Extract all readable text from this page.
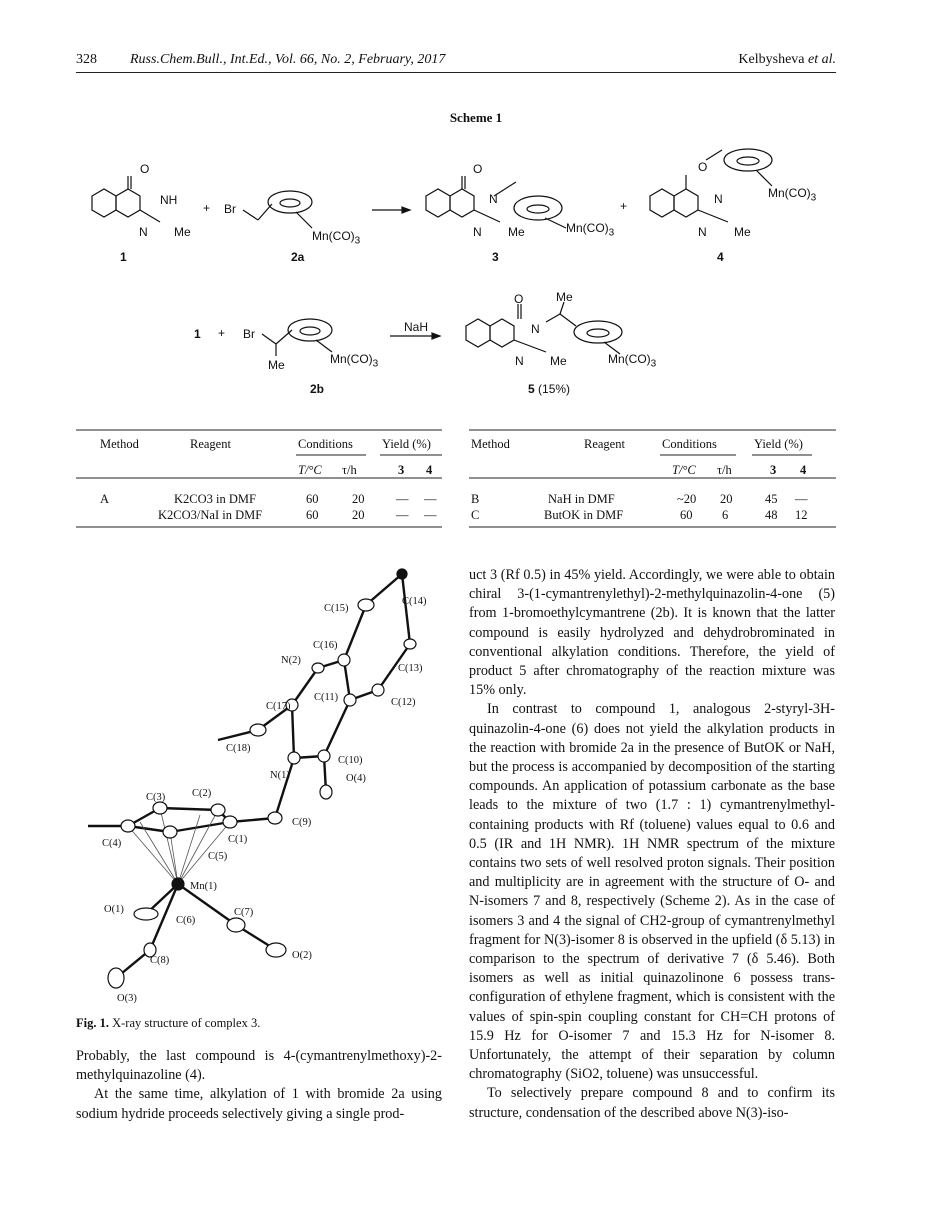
328 Russ.Chem.Bull., Int.Ed., Vol. 66, No. 2, February, 2017	Kelbysheva et al.
Scheme 1
O
NH
N Me
+ Br
$Mn(CO)_3$
O
N
N Me	$Mn(CO)_3$
+
O
N
N Me
$Mn(CO)_3$
1	2a	3	4
1 + Br
Me	$Mn(CO)_3$
NaH
2b
O	Me
N
N Me	$Mn(CO)_3$
5 (15%)
Method	Reagent	Conditions Yield (%)
T/°C τ/h	3 4
A	K2CO3 in DMF	60	20	— —
K2CO3/NaI in DMF	60	20	— —
Method	Reagent	Conditions	Yield (%)
T/°C τ/h	3 4
B	NaH in DMF	~20 20	45 —
C	ButOK in DMF	60 6	48 12
C(14)
C(15)
C(16)
N(2)
C(13)
C(11)	C(12)
C(17)
C(18)
C(10)
O(4)
N(1)
C(3)	C(2)
C(9)
C(4)	C(1)
C(5)
Mn(1)
O(1)
C(6)
C(7)
C(8)	O(2)
O(3)
Fig. 1. X-ray structure of complex 3.

Probably, the last compound is 4-(cymantrenylmethoxy)-2-methylquinazoline (4).

At the same time, alkylation of 1 with bromide 2a using sodium hydride proceeds selectively giving a single prod-

uct 3 (Rf 0.5) in 45% yield. Accordingly, we were able to obtain chiral 3-(1-cymantrenylethyl)-2-methylquinazolin-4-one (5) from 1-bromoethylcymantrene (2b). It is known that the latter compound is easily hydrolyzed and dehydrobrominated in conventional alkylation conditions. Therefore, the yield of product 5 after chromatography of the reaction mixture was 15% only.

In contrast to compound 1, analogous 2-styryl-3H-quinazolin-4-one (6) does not yield the alkylation products in the reaction with bromide 2a in the presence of ButOK or NaH, but the process is accompanied by decomposition of the starting compounds. An application of potassium carbonate as the base leads to the mixture of two (1.7 : 1) cymantrenylmethyl-containing products with Rf (toluene) values equal to 0.6 and 0.5 (IR and 1H NMR). 1H NMR spectrum of the mixture contains two sets of well resolved proton signals. Their position and multiplicity are in agreement with the structure of O- and N-isomers 7 and 8, respectively (Scheme 2). As in the case of isomers 3 and 4 the signal of CH2-group of cymantrenylmethyl fragment for N(3)-isomer 8 is observed in the upfield (δ 5.13) in comparison to the spectrum of derivative 7 (δ 5.46). Both isomers as well as initial quinazolinone 6 possess trans-configuration of ethylene fragment, which is consistent with the values of spin-spin coupling constant for CH=CH protons of 15.9 Hz for O-isomer 7 and 15.3 Hz for N-isomer 8. Unfortunately, the attempt of their separation by column chromatography (SiO2, toluene) was unsuccessful.

To selectively prepare compound 8 and to confirm its structure, condensation of the described above N(3)-iso-
